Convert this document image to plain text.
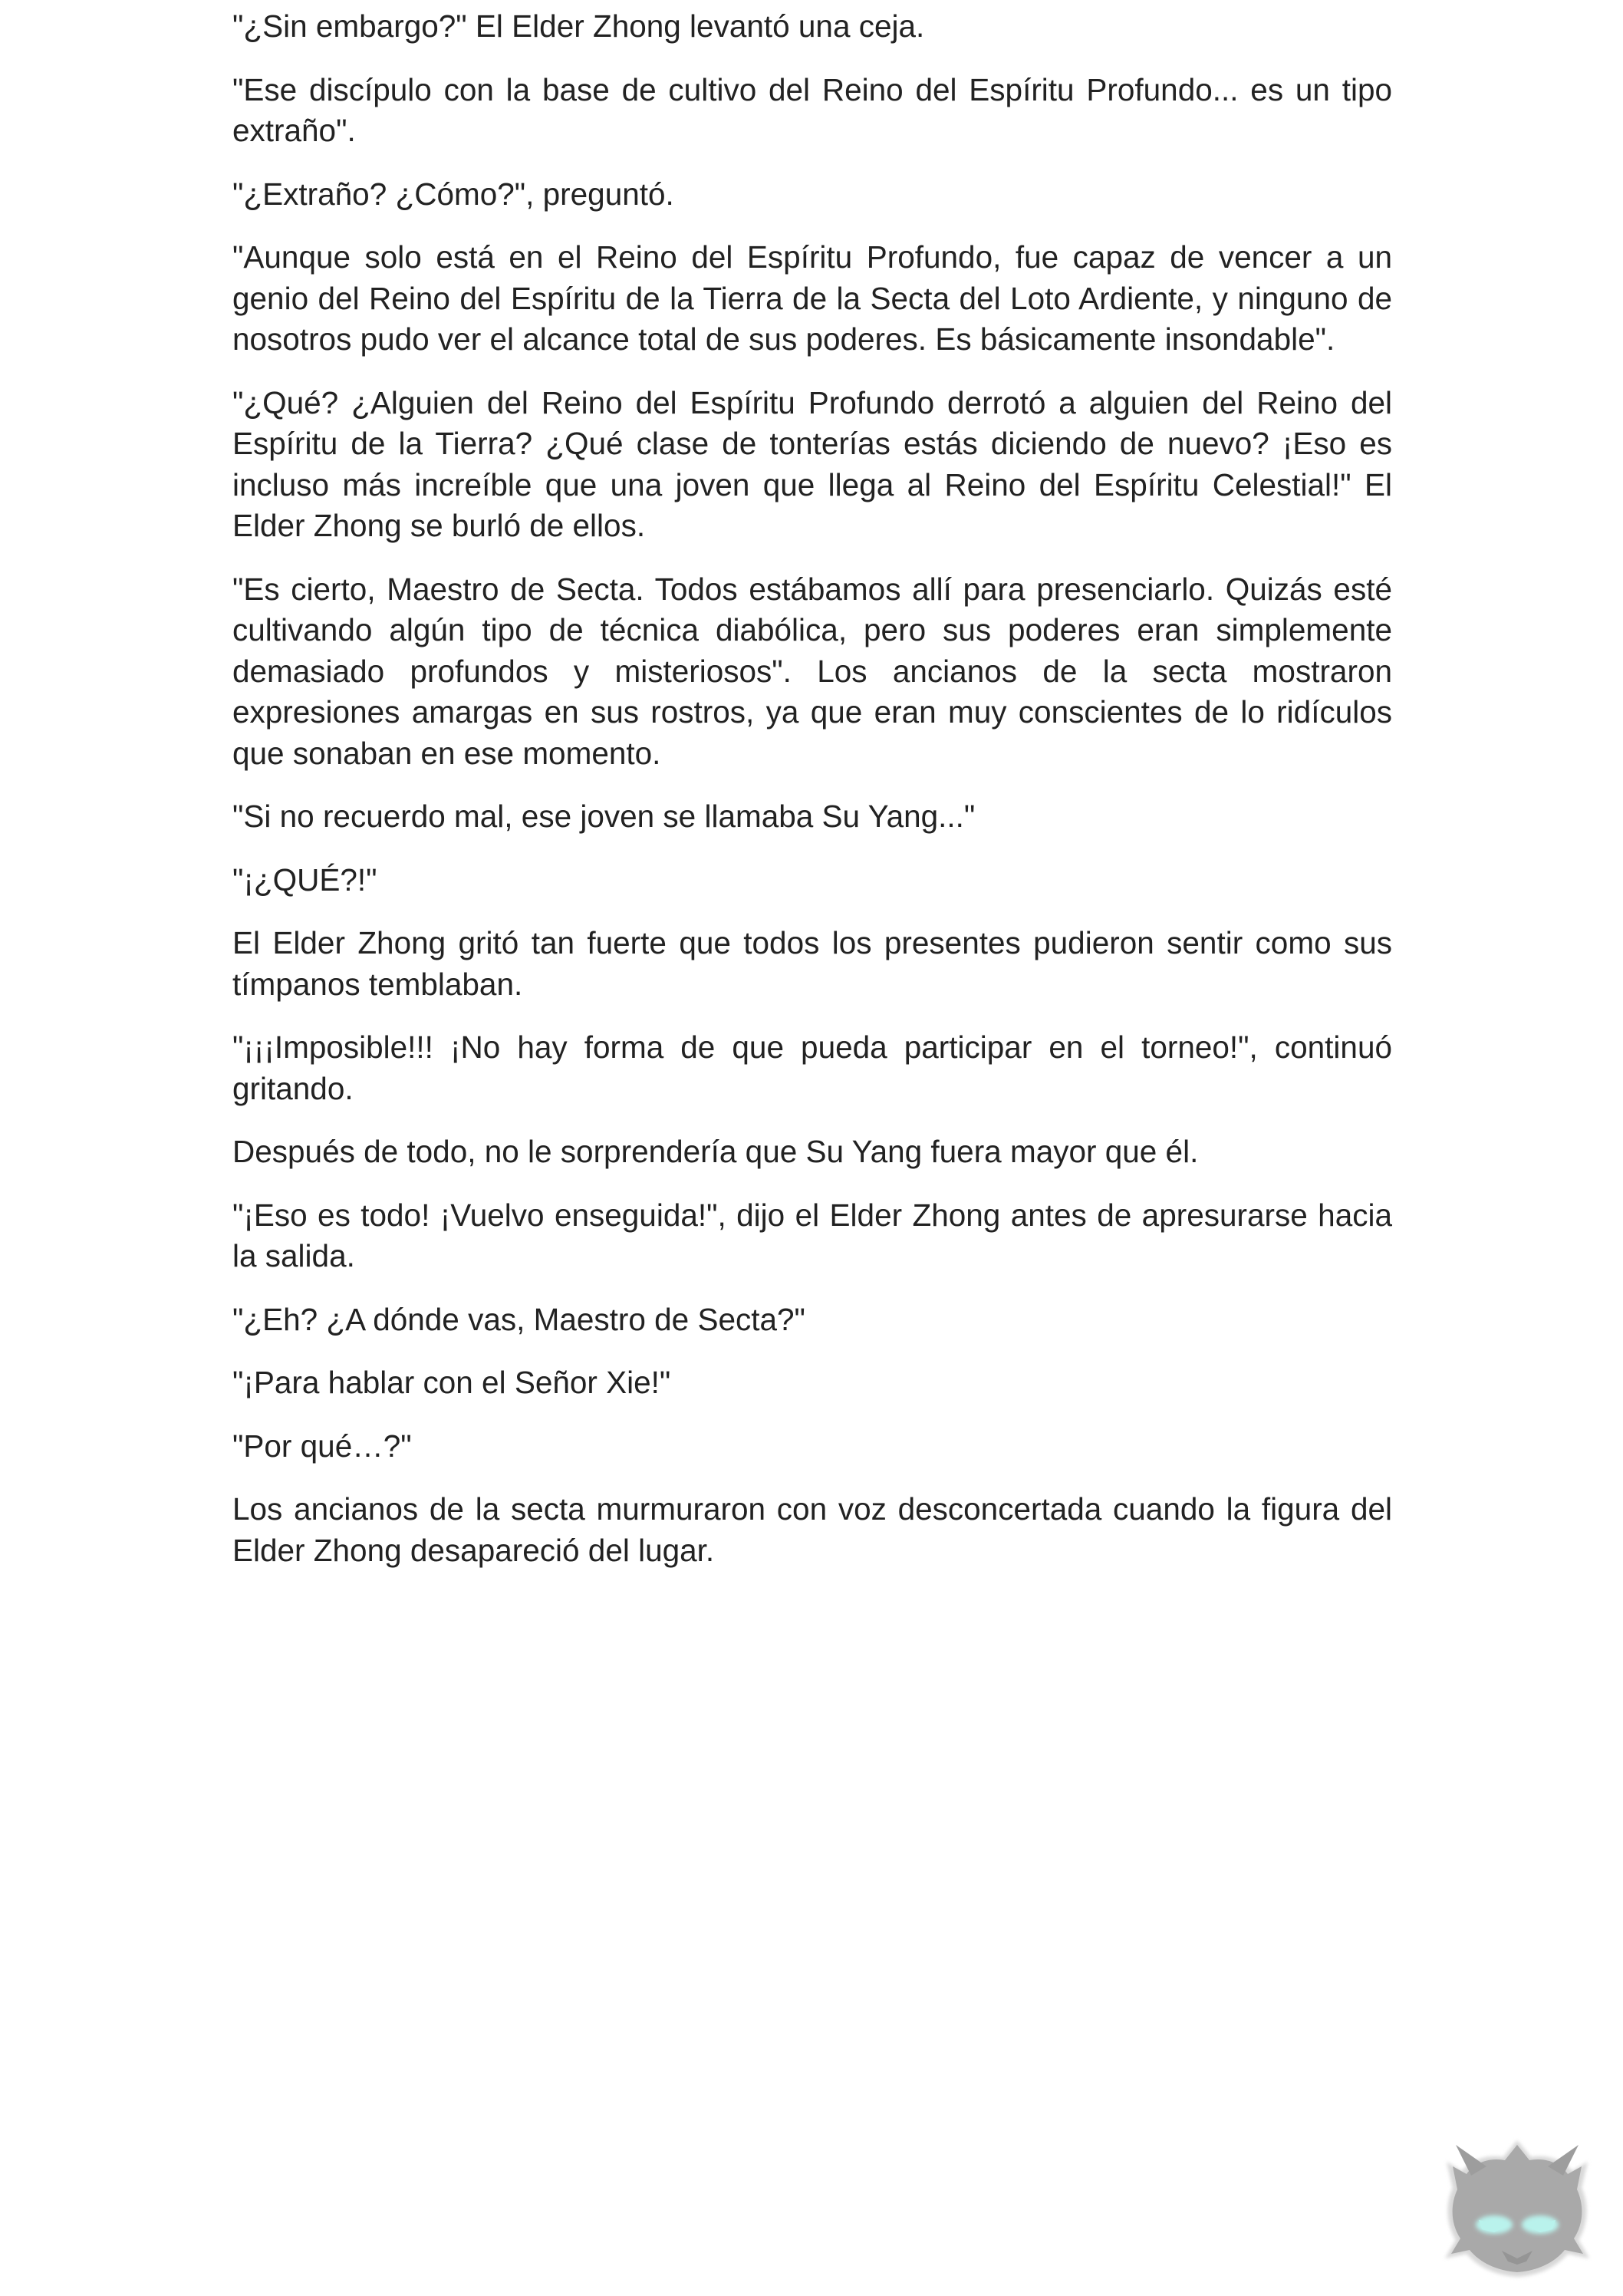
"¿Sin embargo?" El Elder Zhong levantó una ceja.

"Ese discípulo con la base de cultivo del Reino del Espíritu Profundo... es un tipo extraño".

"¿Extraño? ¿Cómo?", preguntó.

"Aunque solo está en el Reino del Espíritu Profundo, fue capaz de vencer a un genio del Reino del Espíritu de la Tierra de la Secta del Loto Ardiente, y ninguno de nosotros pudo ver el alcance total de sus poderes. Es básicamente insondable".

"¿Qué? ¿Alguien del Reino del Espíritu Profundo derrotó a alguien del Reino del Espíritu de la Tierra? ¿Qué clase de tonterías estás diciendo de nuevo? ¡Eso es incluso más increíble que una joven que llega al Reino del Espíritu Celestial!" El Elder Zhong se burló de ellos.

"Es cierto, Maestro de Secta. Todos estábamos allí para presenciarlo. Quizás esté cultivando algún tipo de técnica diabólica, pero sus poderes eran simplemente demasiado profundos y misteriosos". Los ancianos de la secta mostraron expresiones amargas en sus rostros, ya que eran muy conscientes de lo ridículos que sonaban en ese momento.

"Si no recuerdo mal, ese joven se llamaba Su Yang..."

"¡¿QUÉ?!"

El Elder Zhong gritó tan fuerte que todos los presentes pudieron sentir como sus tímpanos temblaban.

"¡¡¡Imposible!!! ¡No hay forma de que pueda participar en el torneo!", continuó gritando.

Después de todo, no le sorprendería que Su Yang fuera mayor que él.

"¡Eso es todo! ¡Vuelvo enseguida!", dijo el Elder Zhong antes de apresurarse hacia la salida.

"¿Eh? ¿A dónde vas, Maestro de Secta?"

"¡Para hablar con el Señor Xie!"

"Por qué…?"

Los ancianos de la secta murmuraron con voz desconcertada cuando la figura del Elder Zhong desapareció del lugar.
